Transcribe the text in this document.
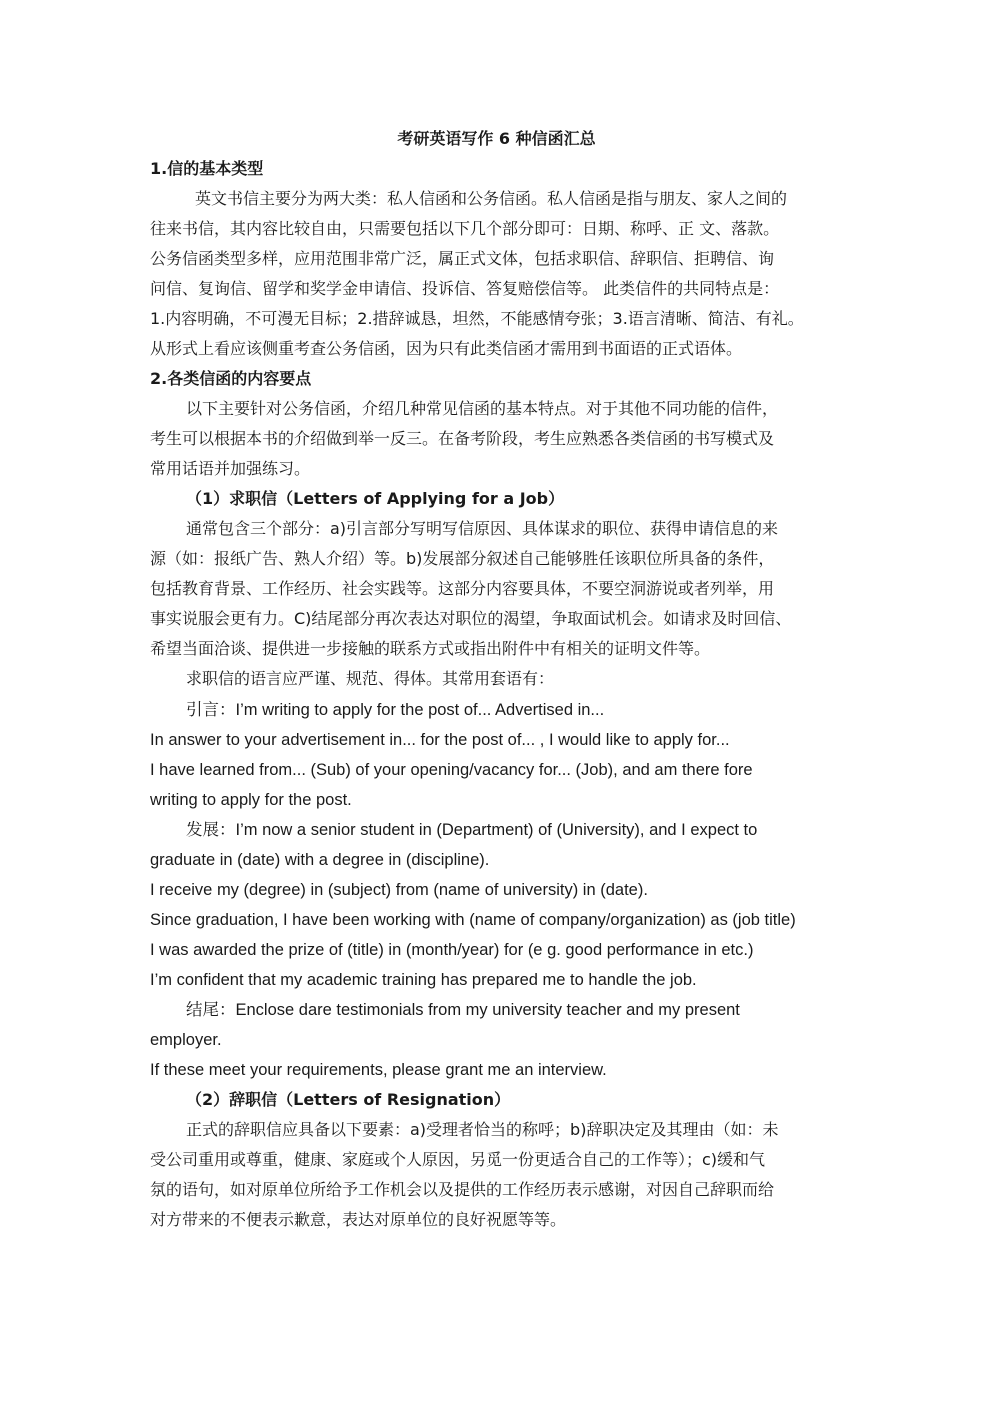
考研英语写作 6 种信函汇总
1.信的基本类型
英文书信主要分为两大类：私人信函和公务信函。私人信函是指与朋友、家人之间的
往来书信，其内容比较自由，只需要包括以下几个部分即可：日期、称呼、正 文、落款。
公务信函类型多样，应用范围非常广泛，属正式文体，包括求职信、辞职信、拒聘信、询
问信、复询信、留学和奖学金申请信、投诉信、答复赔偿信等。 此类信件的共同特点是：
1.内容明确，不可漫无目标；2.措辞诚恳，坦然，不能感情夸张；3.语言清晰、简洁、有礼。
从形式上看应该侧重考查公务信函，因为只有此类信函才需用到书面语的正式语体。
2.各类信函的内容要点
以下主要针对公务信函，介绍几种常见信函的基本特点。对于其他不同功能的信件，
考生可以根据本书的介绍做到举一反三。在备考阶段，考生应熟悉各类信函的书写模式及
常用话语并加强练习。
（1）求职信（Letters of Applying for a Job）
通常包含三个部分：a)引言部分写明写信原因、具体谋求的职位、获得申请信息的来
源（如：报纸广告、熟人介绍）等。b)发展部分叙述自己能够胜任该职位所具备的条件，
包括教育背景、工作经历、社会实践等。这部分内容要具体，不要空洞游说或者列举，用
事实说服会更有力。C)结尾部分再次表达对职位的渴望，争取面试机会。如请求及时回信、
希望当面洽谈、提供进一步接触的联系方式或指出附件中有相关的证明文件等。
求职信的语言应严谨、规范、得体。其常用套语有：
引言：I’m writing to apply for the post of... Advertised in...
In answer to your advertisement in... for the post of... , I would like to apply for...
I have learned from... (Sub) of your opening/vacancy for... (Job), and am there fore
writing to apply for the post.
发展：I’m now a senior student in (Department) of (University), and I expect to
graduate in (date) with a degree in (discipline).
I receive my (degree) in (subject) from (name of university) in (date).
Since graduation, I have been working with (name of company/organization) as (job title)
I was awarded the prize of (title) in (month/year) for (e g. good performance in etc.)
I’m confident that my academic training has prepared me to handle the job.
结尾：Enclose dare testimonials from my university teacher and my present
employer.
If these meet your requirements, please grant me an interview.
（2）辞职信（Letters of Resignation）
正式的辞职信应具备以下要素：a)受理者恰当的称呼；b)辞职决定及其理由（如：未
受公司重用或尊重，健康、家庭或个人原因，另觅一份更适合自己的工作等）；c)缓和气
氛的语句，如对原单位所给予工作机会以及提供的工作经历表示感谢，对因自己辞职而给
对方带来的不便表示歉意，表达对原单位的良好祝愿等等。
